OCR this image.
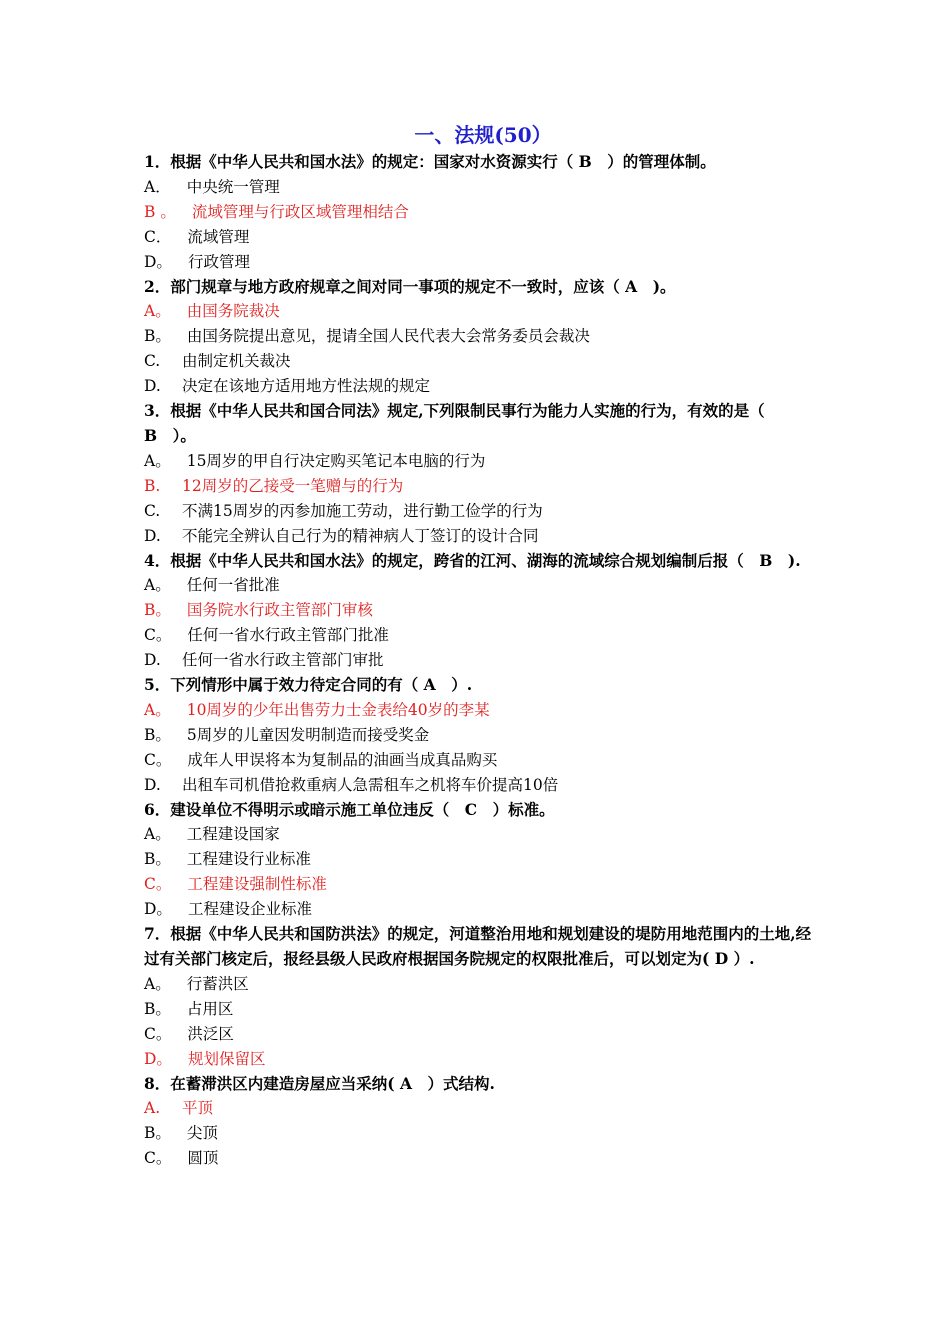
一、法规(50）
1．根据《中华人民共和国水法》的规定：国家对水资源实行（ B　）的管理体制。
A． 中央统一管理
B 。 流域管理与行政区域管理相结合
C． 流域管理
D。 行政管理
2．部门规章与地方政府规章之间对同一事项的规定不一致时，应该（ A　)。
A。 由国务院裁决
B。 由国务院提出意见，提请全国人民代表大会常务委员会裁决
C. 由制定机关裁决
D. 决定在该地方适用地方性法规的规定
3．根据《中华人民共和国合同法》规定,下列限制民事行为能力人实施的行为，有效的是（　B　）。
A。 15周岁的甲自行决定购买笔记本电脑的行为
B. 12周岁的乙接受一笔赠与的行为
C. 不满15周岁的丙参加施工劳动，进行勤工俭学的行为
D. 不能完全辨认自己行为的精神病人丁签订的设计合同
4．根据《中华人民共和国水法》的规定，跨省的江河、湖海的流域综合规划编制后报（　B　).
A。 任何一省批准
B。 国务院水行政主管部门审核
C。 任何一省水行政主管部门批准
D. 任何一省水行政主管部门审批
5．下列情形中属于效力待定合同的有（ A　）.
A。 10周岁的少年出售劳力士金表给40岁的李某
B。 5周岁的儿童因发明制造而接受奖金
C。 成年人甲误将本为复制品的油画当成真品购买
D. 出租车司机借抢救重病人急需租车之机将车价提高10倍
6．建设单位不得明示或暗示施工单位违反（　C　）标准。
A。 工程建设国家
B。 工程建设行业标准
C。 工程建设强制性标准
D。 工程建设企业标准
7．根据《中华人民共和国防洪法》的规定，河道整治用地和规划建设的堤防用地范围内的土地,经过有关部门核定后，报经县级人民政府根据国务院规定的权限批准后，可以划定为( D ）.
A。 行蓄洪区
B。 占用区
C。 洪泛区
D。 规划保留区
8．在蓄滞洪区内建造房屋应当采纳( A　）式结构.
A. 平顶
B。 尖顶
C。 圆顶
